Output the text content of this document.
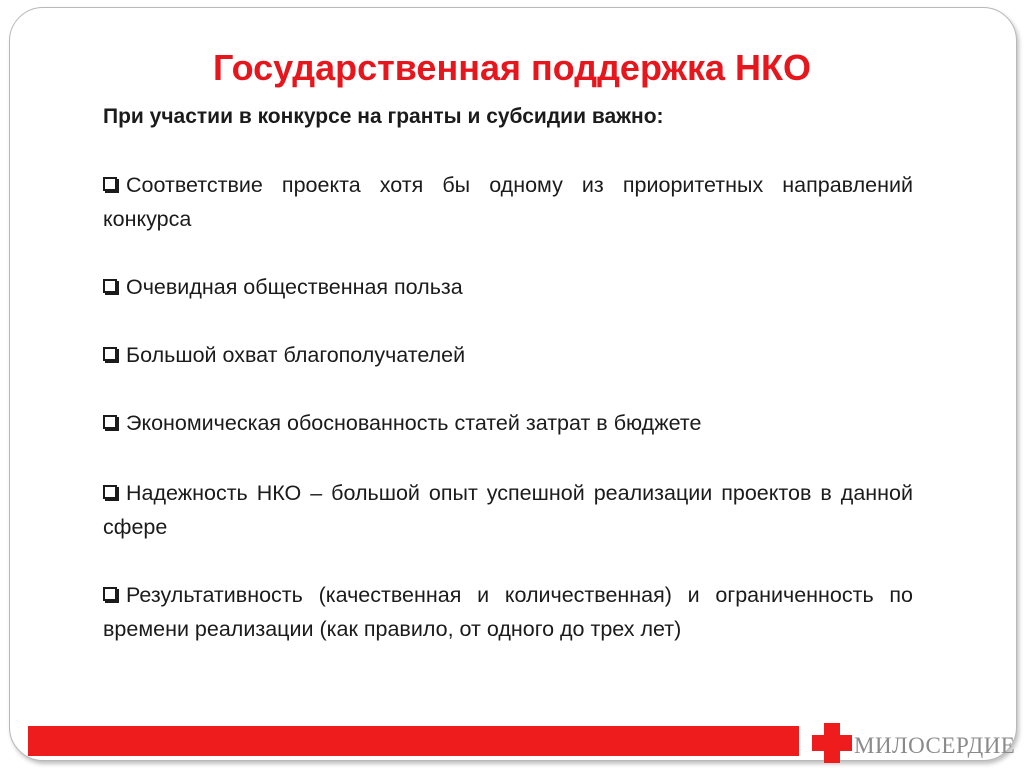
Государственная поддержка НКО
При участии в конкурсе на гранты и субсидии важно:
Соответствие проекта хотя бы одному из приоритетных направлений конкурса
Очевидная общественная польза
Большой охват благополучателей
Экономическая обоснованность статей затрат в бюджете
Надежность НКО – большой опыт успешной реализации проектов в данной сфере
Результативность (качественная и количественная) и ограниченность по времени реализации (как правило, от одного до трех лет)
♥ МИЛОСЕРДИЕ
